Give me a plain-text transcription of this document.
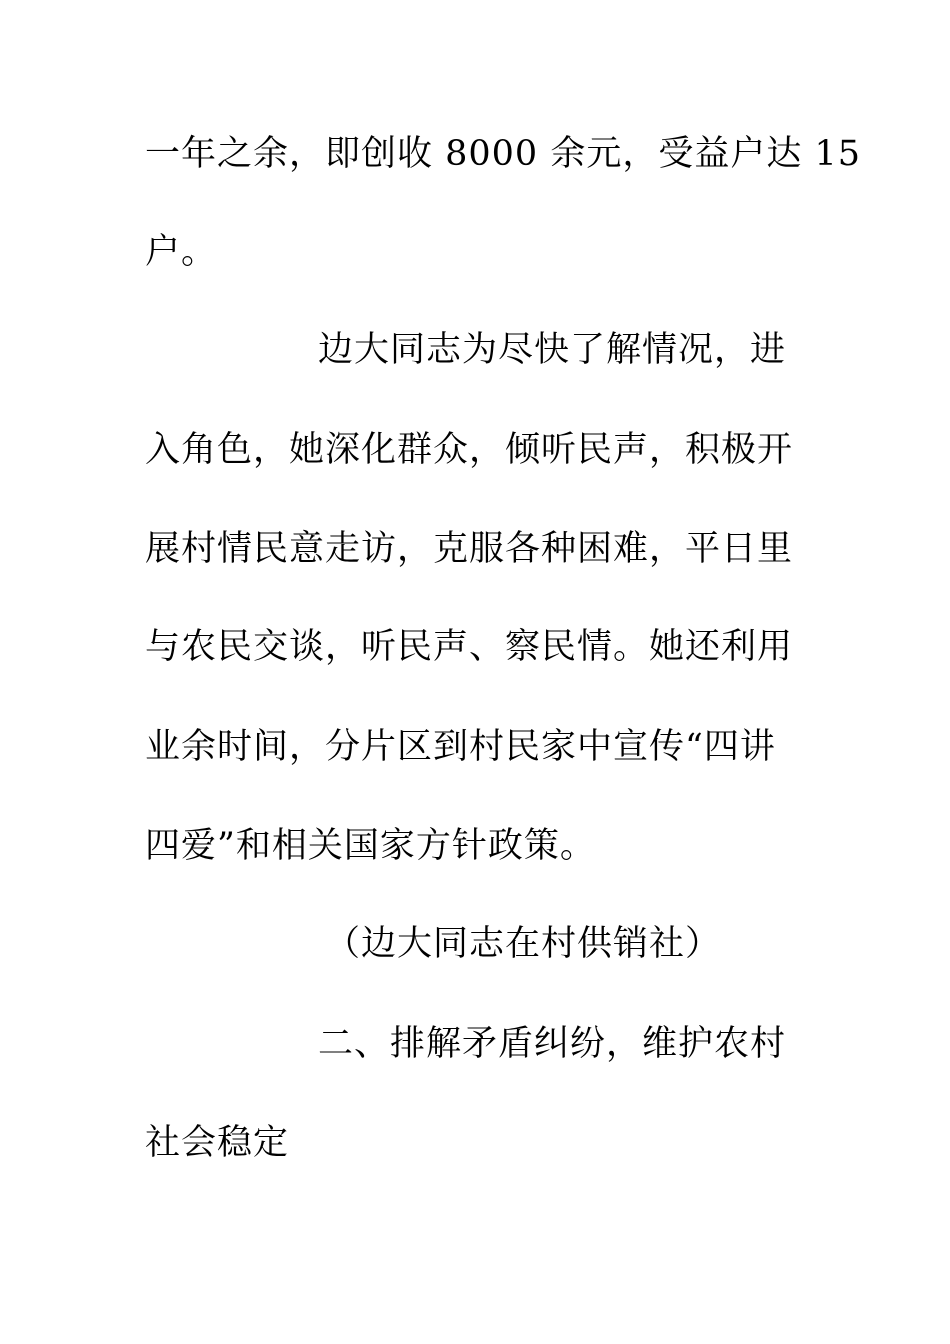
一年之余，即创收 8000 余元，受益户达 15
户。
边大同志为尽快了解情况，进
入角色，她深化群众，倾听民声，积极开
展村情民意走访，克服各种困难，平日里
与农民交谈，听民声、察民情。她还利用
业余时间，分片区到村民家中宣传“四讲
四爱”和相关国家方针政策。
（边大同志在村供销社）
二、排解矛盾纠纷，维护农村
社会稳定
